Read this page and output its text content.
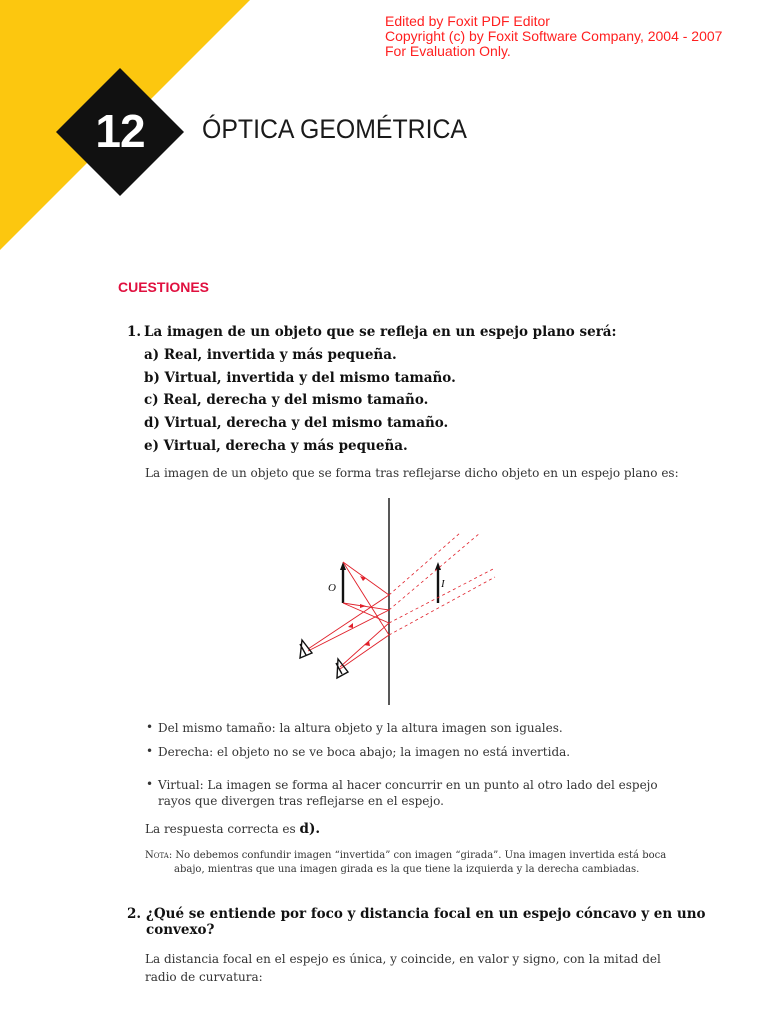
Edited by Foxit PDF Editor
Copyright (c) by Foxit Software Company, 2004 - 2007
For Evaluation Only.
12	ÓPTICA GEOMÉTRICA
CUESTIONES
1. La imagen de un objeto que se refleja en un espejo plano será:
a) Real, invertida y más pequeña.
b) Virtual, invertida y del mismo tamaño.
c) Real, derecha y del mismo tamaño.
d) Virtual, derecha y del mismo tamaño.
e) Virtual, derecha y más pequeña.
La imagen de un objeto que se forma tras reflejarse dicho objeto en un espejo plano es:
O	I
• Del mismo tamaño: la altura objeto y la altura imagen son iguales.
• Derecha: el objeto no se ve boca abajo; la imagen no está invertida.
• Virtual: La imagen se forma al hacer concurrir en un punto al otro lado del espejo
rayos que divergen tras reflejarse en el espejo.
La respuesta correcta es d).
Nota: No debemos confundir imagen “invertida” con imagen “girada”. Una imagen invertida está boca
abajo, mientras que una imagen girada es la que tiene la izquierda y la derecha cambiadas.
2. ¿Qué se entiende por foco y distancia focal en un espejo cóncavo y en uno
convexo?
La distancia focal en el espejo es única, y coincide, en valor y signo, con la mitad del
radio de curvatura:
